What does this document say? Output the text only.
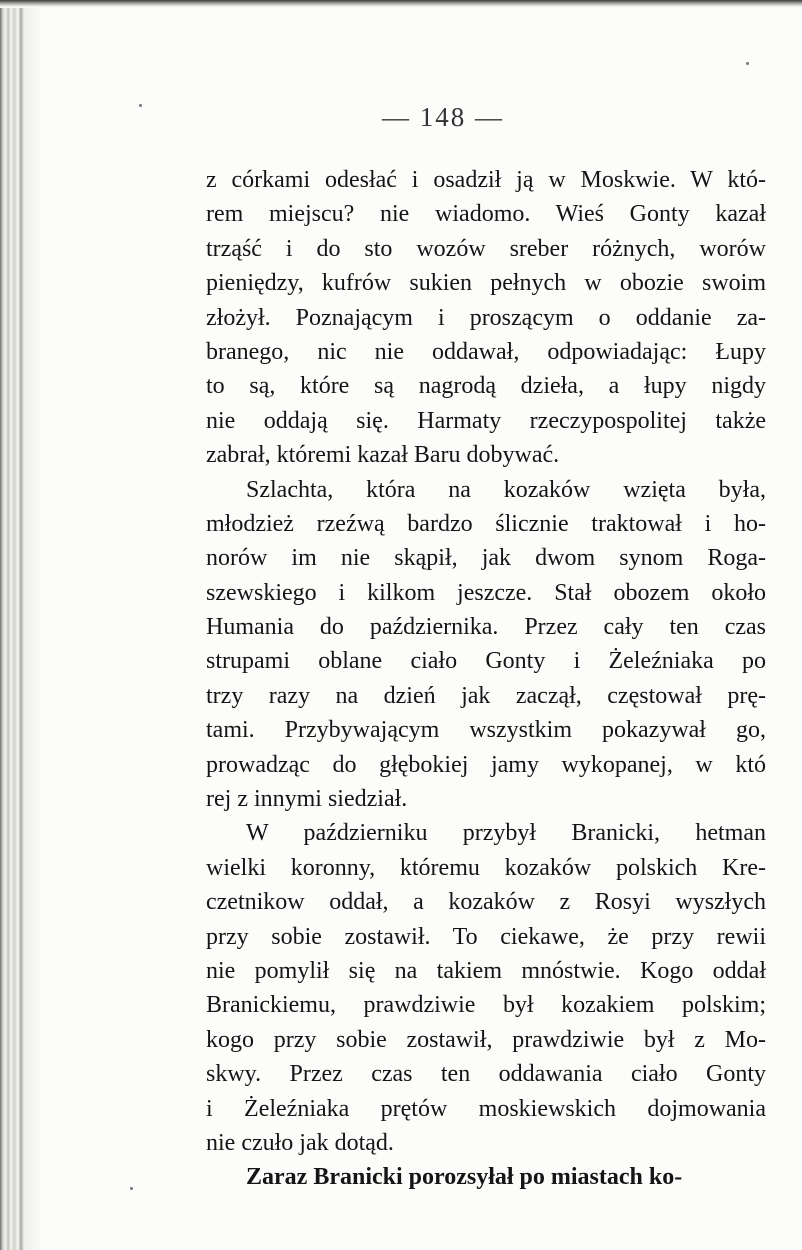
— 148 —
z córkami odesłać i osadził ją w Moskwie. W któ-
rem miejscu? nie wiadomo. Wieś Gonty kazał
trząść i do sto wozów sreber różnych, worów
pieniędzy, kufrów sukien pełnych w obozie swoim
złożył. Poznającym i proszącym o oddanie za-
branego, nic nie oddawał, odpowiadając: Łupy
to są, które są nagrodą dzieła, a łupy nigdy
nie oddają się. Harmaty rzeczypospolitej także
zabrał, któremi kazał Baru dobywać.
Szlachta, która na kozaków wzięta była,
młodzież rzeźwą bardzo ślicznie traktował i ho-
norów im nie skąpił, jak dwom synom Roga-
szewskiego i kilkom jeszcze. Stał obozem około
Humania do października. Przez cały ten czas
strupami oblane ciało Gonty i Żeleźniaka po
trzy razy na dzień jak zaczął, częstował prę-
tami. Przybywającym wszystkim pokazywał go,
prowadząc do głębokiej jamy wykopanej, w któ
rej z innymi siedział.
W październiku przybył Branicki, hetman
wielki koronny, któremu kozaków polskich Kre-
czetnikow oddał, a kozaków z Rosyi wyszłych
przy sobie zostawił. To ciekawe, że przy rewii
nie pomylił się na takiem mnóstwie. Kogo oddał
Branickiemu, prawdziwie był kozakiem polskim;
kogo przy sobie zostawił, prawdziwie był z Mo-
skwy. Przez czas ten oddawania ciało Gonty
i Żeleźniaka prętów moskiewskich dojmowania
nie czuło jak dotąd.
Zaraz Branicki porozsyłał po miastach ko-
